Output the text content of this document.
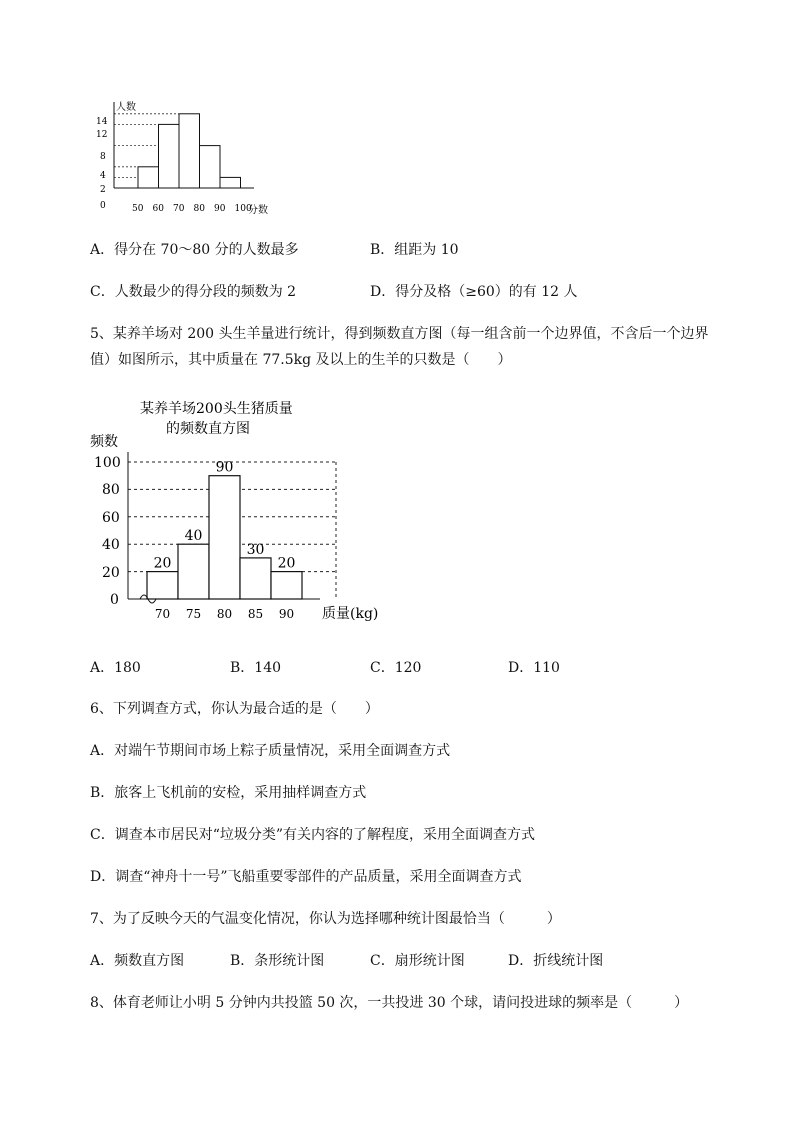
人数
14
12
8
4
2
0	50 60 70 80 90 100
分数
A．得分在 70～80 分的人数最多	B．组距为 10
C．人数最少的得分段的频数为 2	D．得分及格（≥60）的有 12 人
5、某养羊场对 200 头生羊量进行统计，得到频数直方图（每一组含前一个边界值，不含后一个边界
值）如图所示，其中质量在 77.5kg 及以上的生羊的只数是（　　）
某养羊场200头生猪质量
的频数直方图
频数
20
40
90
30
20
100
80
60
40
20
0
70 75 80 85 90 质量(kg)
A．180	B．140	C．120	D．110
6、下列调查方式，你认为最合适的是（　　）
A．对端午节期间市场上粽子质量情况，采用全面调查方式
B．旅客上飞机前的安检，采用抽样调查方式
C．调查本市居民对“垃圾分类”有关内容的了解程度，采用全面调查方式
D．调查“神舟十一号”飞船重要零部件的产品质量，采用全面调查方式
7、为了反映今天的气温变化情况，你认为选择哪种统计图最恰当（　　　）
A．频数直方图	B．条形统计图	C．扇形统计图	D．折线统计图
8、体育老师让小明 5 分钟内共投篮 50 次，一共投进 30 个球，请问投进球的频率是（　　　）
